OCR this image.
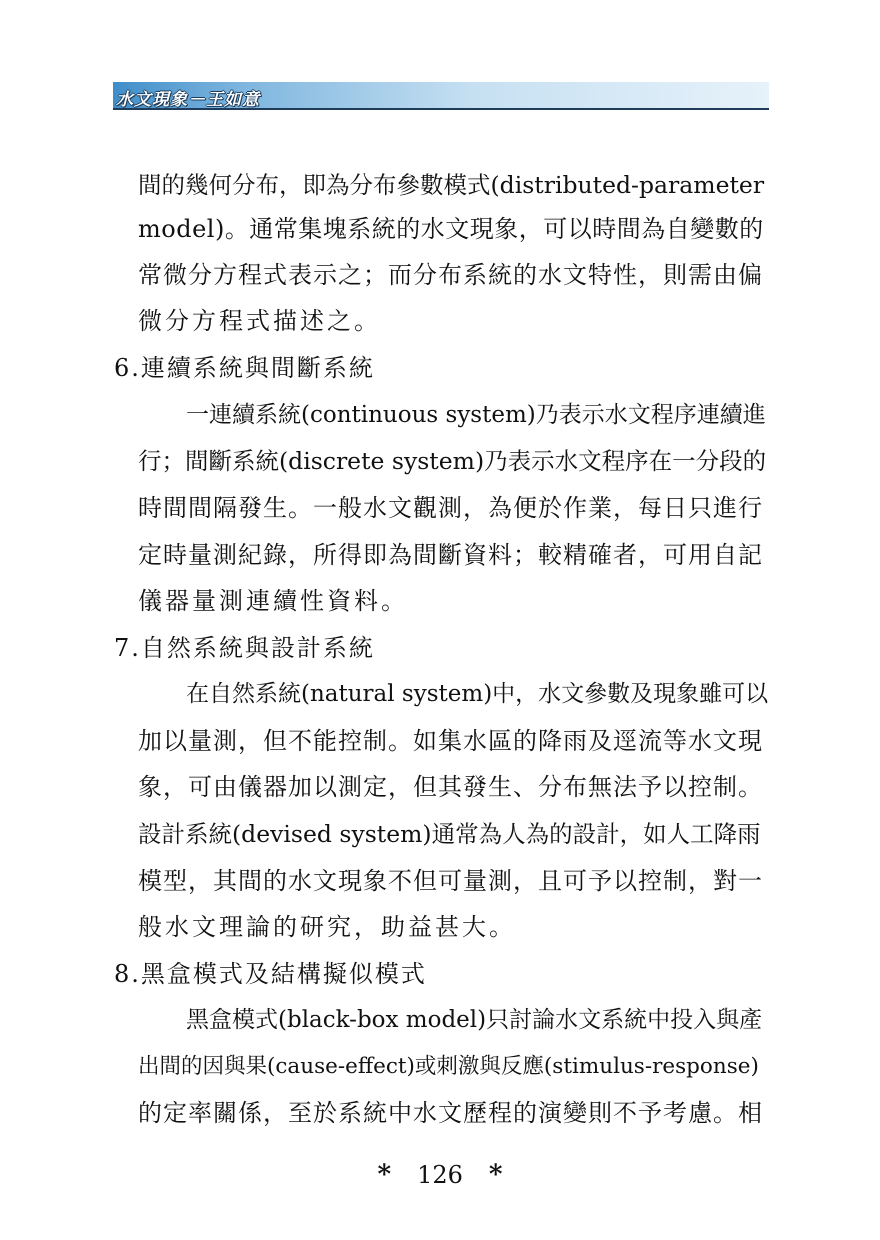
水文現象－王如意
間的幾何分布，即為分布參數模式(distributed-parameter
model)。通常集塊系統的水文現象，可以時間為自變數的
常微分方程式表示之；而分布系統的水文特性，則需由偏
微分方程式描述之。
6.連續系統與間斷系統
一連續系統(continuous system)乃表示水文程序連續進
行；間斷系統(discrete system)乃表示水文程序在一分段的
時間間隔發生。一般水文觀測，為便於作業，每日只進行
定時量測紀錄，所得即為間斷資料；較精確者，可用自記
儀器量測連續性資料。
7.自然系統與設計系統
在自然系統(natural system)中，水文參數及現象雖可以
加以量測，但不能控制。如集水區的降雨及逕流等水文現
象，可由儀器加以測定，但其發生、分布無法予以控制。
設計系統(devised system)通常為人為的設計，如人工降雨
模型，其間的水文現象不但可量測，且可予以控制，對一
般水文理論的研究，助益甚大。
8.黑盒模式及結構擬似模式
黑盒模式(black-box model)只討論水文系統中投入與產
出間的因與果(cause-effect)或刺激與反應(stimulus-response)
的定率關係，至於系統中水文歷程的演變則不予考慮。相
* 126 *
